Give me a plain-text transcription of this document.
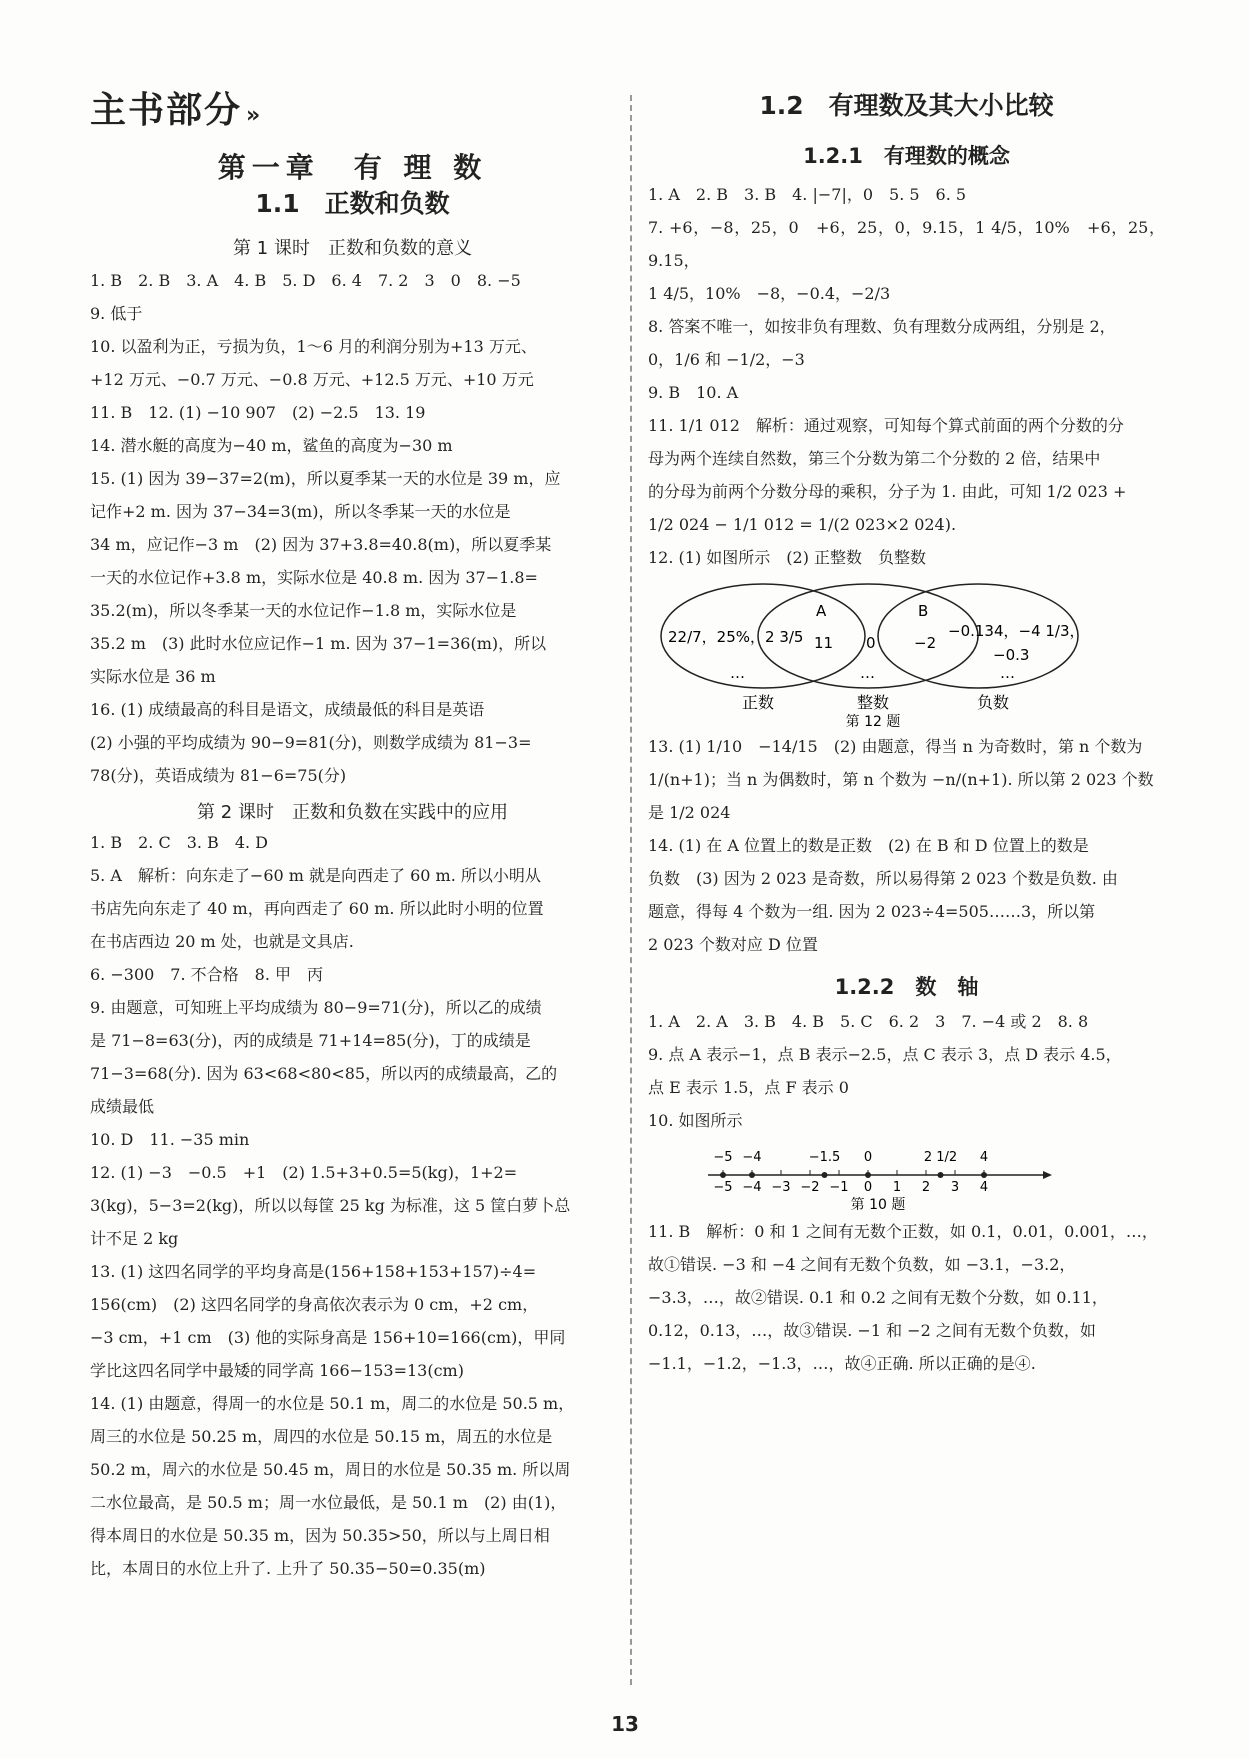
主书部分 »
第一章　有 理 数
1.1　正数和负数
第 1 课时　正数和负数的意义

1. B　2. B　3. A　4. B　5. D　6. 4　7. 2　3　0　8. −5

9. 低于

10. 以盈利为正，亏损为负，1～6 月的利润分别为+13 万元、

+12 万元、−0.7 万元、−0.8 万元、+12.5 万元、+10 万元

11. B　12. (1) −10 907　(2) −2.5　13. 19

14. 潜水艇的高度为−40 m，鲨鱼的高度为−30 m

15. (1) 因为 39−37=2(m)，所以夏季某一天的水位是 39 m，应

记作+2 m. 因为 37−34=3(m)，所以冬季某一天的水位是

34 m，应记作−3 m　(2) 因为 37+3.8=40.8(m)，所以夏季某

一天的水位记作+3.8 m，实际水位是 40.8 m. 因为 37−1.8=

35.2(m)，所以冬季某一天的水位记作−1.8 m，实际水位是

35.2 m　(3) 此时水位应记作−1 m. 因为 37−1=36(m)，所以

实际水位是 36 m

16. (1) 成绩最高的科目是语文，成绩最低的科目是英语

(2) 小强的平均成绩为 90−9=81(分)，则数学成绩为 81−3=

78(分)，英语成绩为 81−6=75(分)

第 2 课时　正数和负数在实践中的应用

1. B　2. C　3. B　4. D

5. A　解析：向东走了−60 m 就是向西走了 60 m. 所以小明从

书店先向东走了 40 m，再向西走了 60 m. 所以此时小明的位置

在书店西边 20 m 处，也就是文具店.

6. −300　7. 不合格　8. 甲　丙

9. 由题意，可知班上平均成绩为 80−9=71(分)，所以乙的成绩

是 71−8=63(分)，丙的成绩是 71+14=85(分)，丁的成绩是

71−3=68(分). 因为 63<68<80<85，所以丙的成绩最高，乙的

成绩最低

10. D　11. −35 min

12. (1) −3　−0.5　+1　(2) 1.5+3+0.5=5(kg)，1+2=

3(kg)，5−3=2(kg)，所以以每筐 25 kg 为标准，这 5 筐白萝卜总

计不足 2 kg

13. (1) 这四名同学的平均身高是(156+158+153+157)÷4=

156(cm)　(2) 这四名同学的身高依次表示为 0 cm，+2 cm，

−3 cm，+1 cm　(3) 他的实际身高是 156+10=166(cm)，甲同

学比这四名同学中最矮的同学高 166−153=13(cm)

14. (1) 由题意，得周一的水位是 50.1 m，周二的水位是 50.5 m，

周三的水位是 50.25 m，周四的水位是 50.15 m，周五的水位是

50.2 m，周六的水位是 50.45 m，周日的水位是 50.35 m. 所以周

二水位最高，是 50.5 m；周一水位最低，是 50.1 m　(2) 由(1)，

得本周日的水位是 50.35 m，因为 50.35>50，所以与上周日相

比，本周日的水位上升了. 上升了 50.35−50=0.35(m)

1.2　有理数及其大小比较
1.2.1　有理数的概念

1. A　2. B　3. B　4. |−7|，0　5. 5　6. 5

7. +6，−8，25，0　+6，25，0，9.15，1 4/5，10%　+6，25，9.15，

1 4/5，10%　−8，−0.4，−2/3

8. 答案不唯一，如按非负有理数、负有理数分成两组，分别是 2，

0，1/6 和 −1/2，−3

9. B　10. A

11. 1/1 012　解析：通过观察，可知每个算式前面的两个分数的分

母为两个连续自然数，第三个分数为第二个分数的 2 倍，结果中

的分母为前两个分数分母的乘积，分子为 1. 由此，可知 1/2 023 +

1/2 024 − 1/1 012 = 1/(2 023×2 024).

12. (1) 如图所示　(2) 正整数　负整数

22/7，25%，2 3/5
A
11 0
B
−2
−0.134，−4 1/3，
−0.3
…	…	…
正数	整数	负数
第 12 题

13. (1) 1/10　−14/15　(2) 由题意，得当 n 为奇数时，第 n 个数为

1/(n+1)；当 n 为偶数时，第 n 个数为 −n/(n+1). 所以第 2 023 个数

是 1/2 024

14. (1) 在 A 位置上的数是正数　(2) 在 B 和 D 位置上的数是

负数　(3) 因为 2 023 是奇数，所以易得第 2 023 个数是负数. 由

题意，得每 4 个数为一组. 因为 2 023÷4=505……3，所以第

2 023 个数对应 D 位置

1.2.2　数　轴

1. A　2. A　3. B　4. B　5. C　6. 2　3　7. −4 或 2　8. 8

9. 点 A 表示−1，点 B 表示−2.5，点 C 表示 3，点 D 表示 4.5，

点 E 表示 1.5，点 F 表示 0

10. 如图所示

第 10 题
−5 −4 −3 −2 −1 0 1 2 3 4
−5 −4	−1.5 0	2 1/2 4

11. B　解析：0 和 1 之间有无数个正数，如 0.1，0.01，0.001，…，

故①错误. −3 和 −4 之间有无数个负数，如 −3.1，−3.2，

−3.3，…，故②错误. 0.1 和 0.2 之间有无数个分数，如 0.11，

0.12，0.13，…，故③错误. −1 和 −2 之间有无数个负数，如

−1.1，−1.2，−1.3，…，故④正确. 所以正确的是④.

13
